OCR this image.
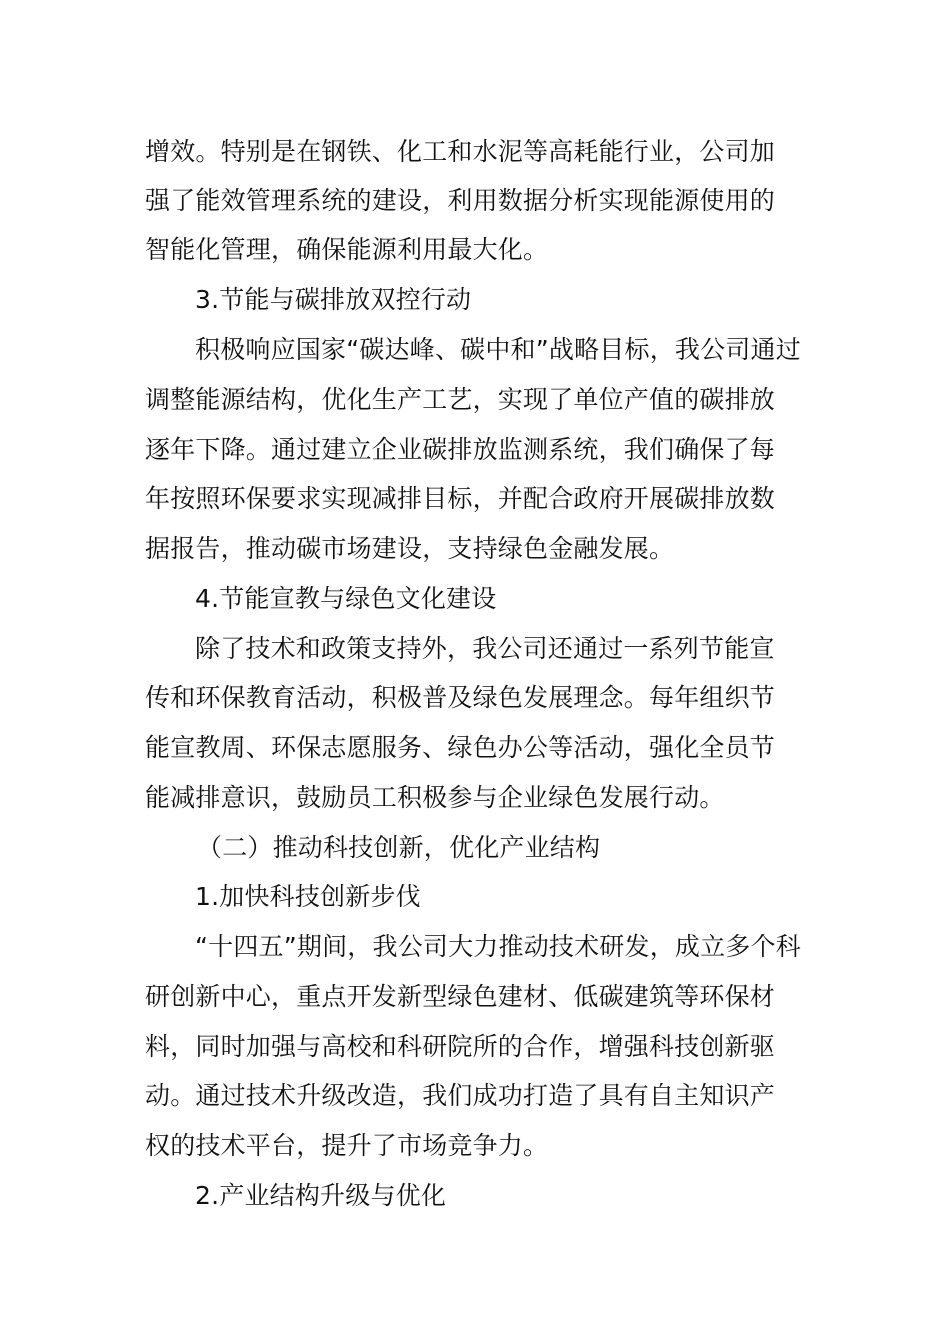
增效。特别是在钢铁、化工和水泥等高耗能行业，公司加
强了能效管理系统的建设，利用数据分析实现能源使用的
智能化管理，确保能源利用最大化。
3.节能与碳排放双控行动
积极响应国家“碳达峰、碳中和”战略目标，我公司通过
调整能源结构，优化生产工艺，实现了单位产值的碳排放
逐年下降。通过建立企业碳排放监测系统，我们确保了每
年按照环保要求实现减排目标，并配合政府开展碳排放数
据报告，推动碳市场建设，支持绿色金融发展。
4.节能宣教与绿色文化建设
除了技术和政策支持外，我公司还通过一系列节能宣
传和环保教育活动，积极普及绿色发展理念。每年组织节
能宣教周、环保志愿服务、绿色办公等活动，强化全员节
能减排意识，鼓励员工积极参与企业绿色发展行动。
（二）推动科技创新，优化产业结构
1.加快科技创新步伐
“十四五”期间，我公司大力推动技术研发，成立多个科
研创新中心，重点开发新型绿色建材、低碳建筑等环保材
料，同时加强与高校和科研院所的合作，增强科技创新驱
动。通过技术升级改造，我们成功打造了具有自主知识产
权的技术平台，提升了市场竞争力。
2.产业结构升级与优化
